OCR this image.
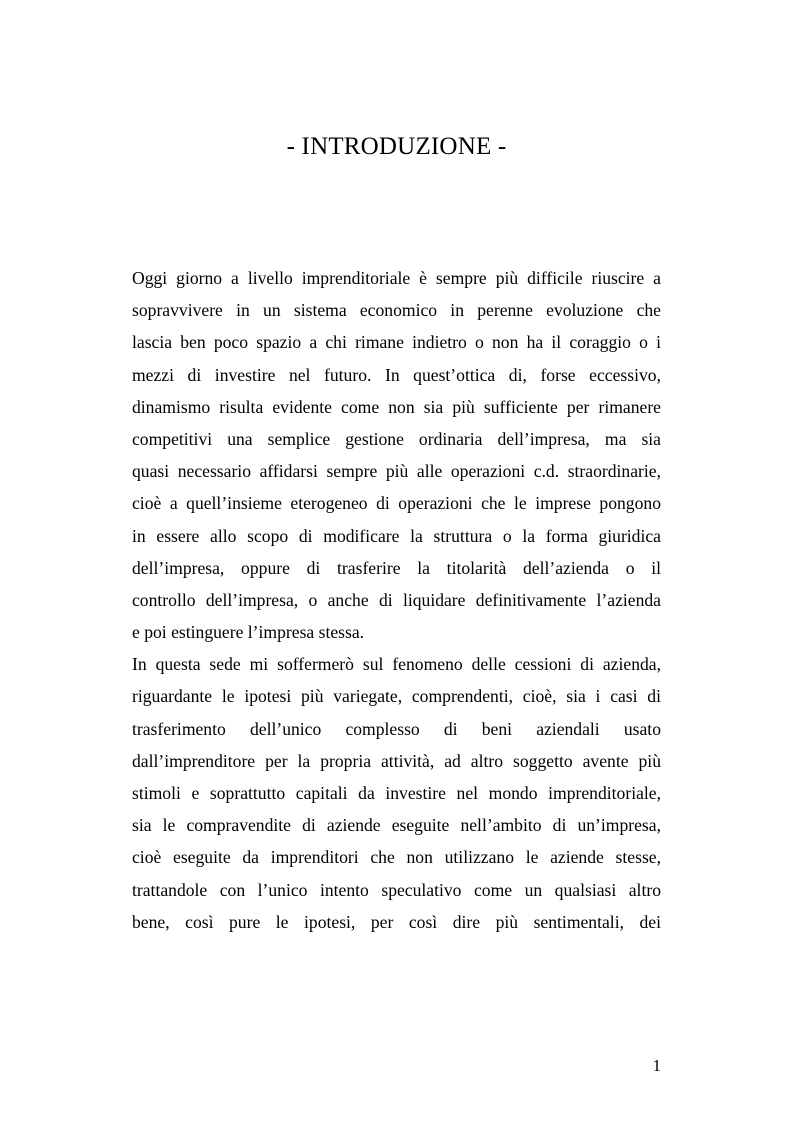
- INTRODUZIONE -
Oggi giorno a livello imprenditoriale è sempre più difficile riuscire a
sopravvivere in un sistema economico in perenne evoluzione che
lascia ben poco spazio a chi rimane indietro o non ha il coraggio o i
mezzi di investire nel futuro. In quest’ottica di, forse eccessivo,
dinamismo risulta evidente come non sia più sufficiente per rimanere
competitivi una semplice gestione ordinaria dell’impresa, ma sia
quasi necessario affidarsi sempre più alle operazioni c.d. straordinarie,
cioè a quell’insieme eterogeneo di operazioni che le imprese pongono
in essere allo scopo di modificare la struttura o la forma giuridica
dell’impresa, oppure di trasferire la titolarità dell’azienda o il
controllo dell’impresa, o anche di liquidare definitivamente l’azienda
e poi estinguere l’impresa stessa.
In questa sede mi soffermerò sul fenomeno delle cessioni di azienda,
riguardante le ipotesi più variegate, comprendenti, cioè, sia i casi di
trasferimento dell’unico complesso di beni aziendali usato
dall’imprenditore per la propria attività, ad altro soggetto avente più
stimoli e soprattutto capitali da investire nel mondo imprenditoriale,
sia le compravendite di aziende eseguite nell’ambito di un’impresa,
cioè eseguite da imprenditori che non utilizzano le aziende stesse,
trattandole con l’unico intento speculativo come un qualsiasi altro
bene, così pure le ipotesi, per così dire più sentimentali, dei
1
